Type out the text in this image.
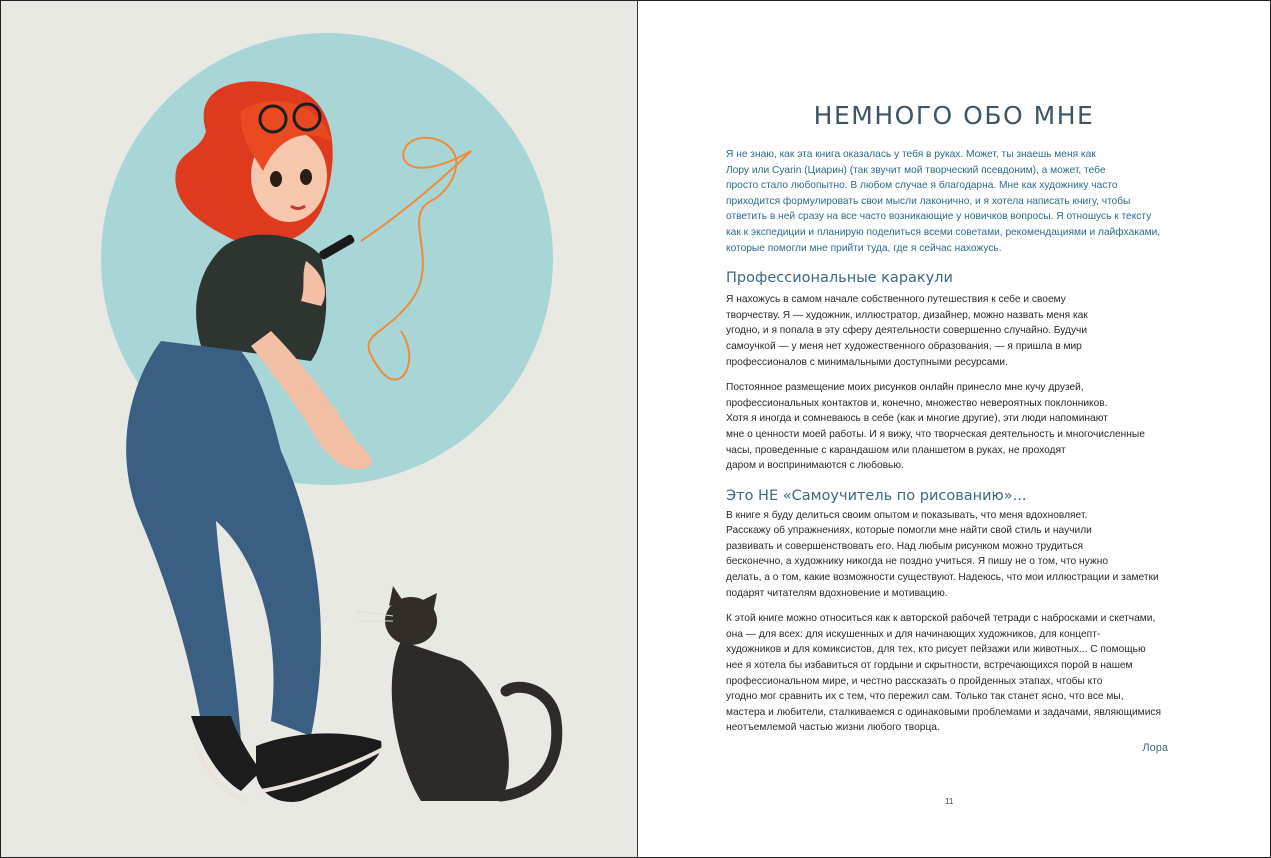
НЕМНОГО ОБО МНЕ

Я не знаю, как эта книга оказалась у тебя в руках. Может, ты знаешь меня как
Лору или Cyarin (Циарин) (так звучит мой творческий псевдоним), а может, тебе
просто стало любопытно. В любом случае я благодарна. Мне как художнику часто
приходится формулировать свои мысли лаконично, и я хотела написать книгу, чтобы
ответить в ней сразу на все часто возникающие у новичков вопросы. Я отношусь к тексту
как к экспедиции и планирую поделиться всеми советами, рекомендациями и лайфхаками,
которые помогли мне прийти туда, где я сейчас нахожусь.

Профессиональные каракули

Я нахожусь в самом начале собственного путешествия к себе и своему
творчеству. Я — художник, иллюстратор, дизайнер, можно назвать меня как
угодно, и я попала в эту сферу деятельности совершенно случайно. Будучи
самоучкой — у меня нет художественного образования, — я пришла в мир
профессионалов с минимальными доступными ресурсами.

Постоянное размещение моих рисунков онлайн принесло мне кучу друзей,
профессиональных контактов и, конечно, множество невероятных поклонников.
Хотя я иногда и сомневаюсь в себе (как и многие другие), эти люди напоминают
мне о ценности моей работы. И я вижу, что творческая деятельность и многочисленные
часы, проведенные с карандашом или планшетом в руках, не проходят
даром и воспринимаются с любовью.

Это НЕ «Самоучитель по рисованию»...

В книге я буду делиться своим опытом и показывать, что меня вдохновляет.
Расскажу об упражнениях, которые помогли мне найти свой стиль и научили
развивать и совершенствовать его. Над любым рисунком можно трудиться
бесконечно, а художнику никогда не поздно учиться. Я пишу не о том, что нужно
делать, а о том, какие возможности существуют. Надеюсь, что мои иллюстрации и заметки
подарят читателям вдохновение и мотивацию.

К этой книге можно относиться как к авторской рабочей тетради с набросками и скетчами,
она — для всех: для искушенных и для начинающих художников, для концепт-
художников и для комиксистов, для тех, кто рисует пейзажи или животных... С помощью
нее я хотела бы избавиться от гордыни и скрытности, встречающихся порой в нашем
профессиональном мире, и честно рассказать о пройденных этапах, чтобы кто
угодно мог сравнить их с тем, что пережил сам. Только так станет ясно, что все мы,
мастера и любители, сталкиваемся с одинаковыми проблемами и задачами, являющимися
неотъемлемой частью жизни любого творца.

Лора
11
